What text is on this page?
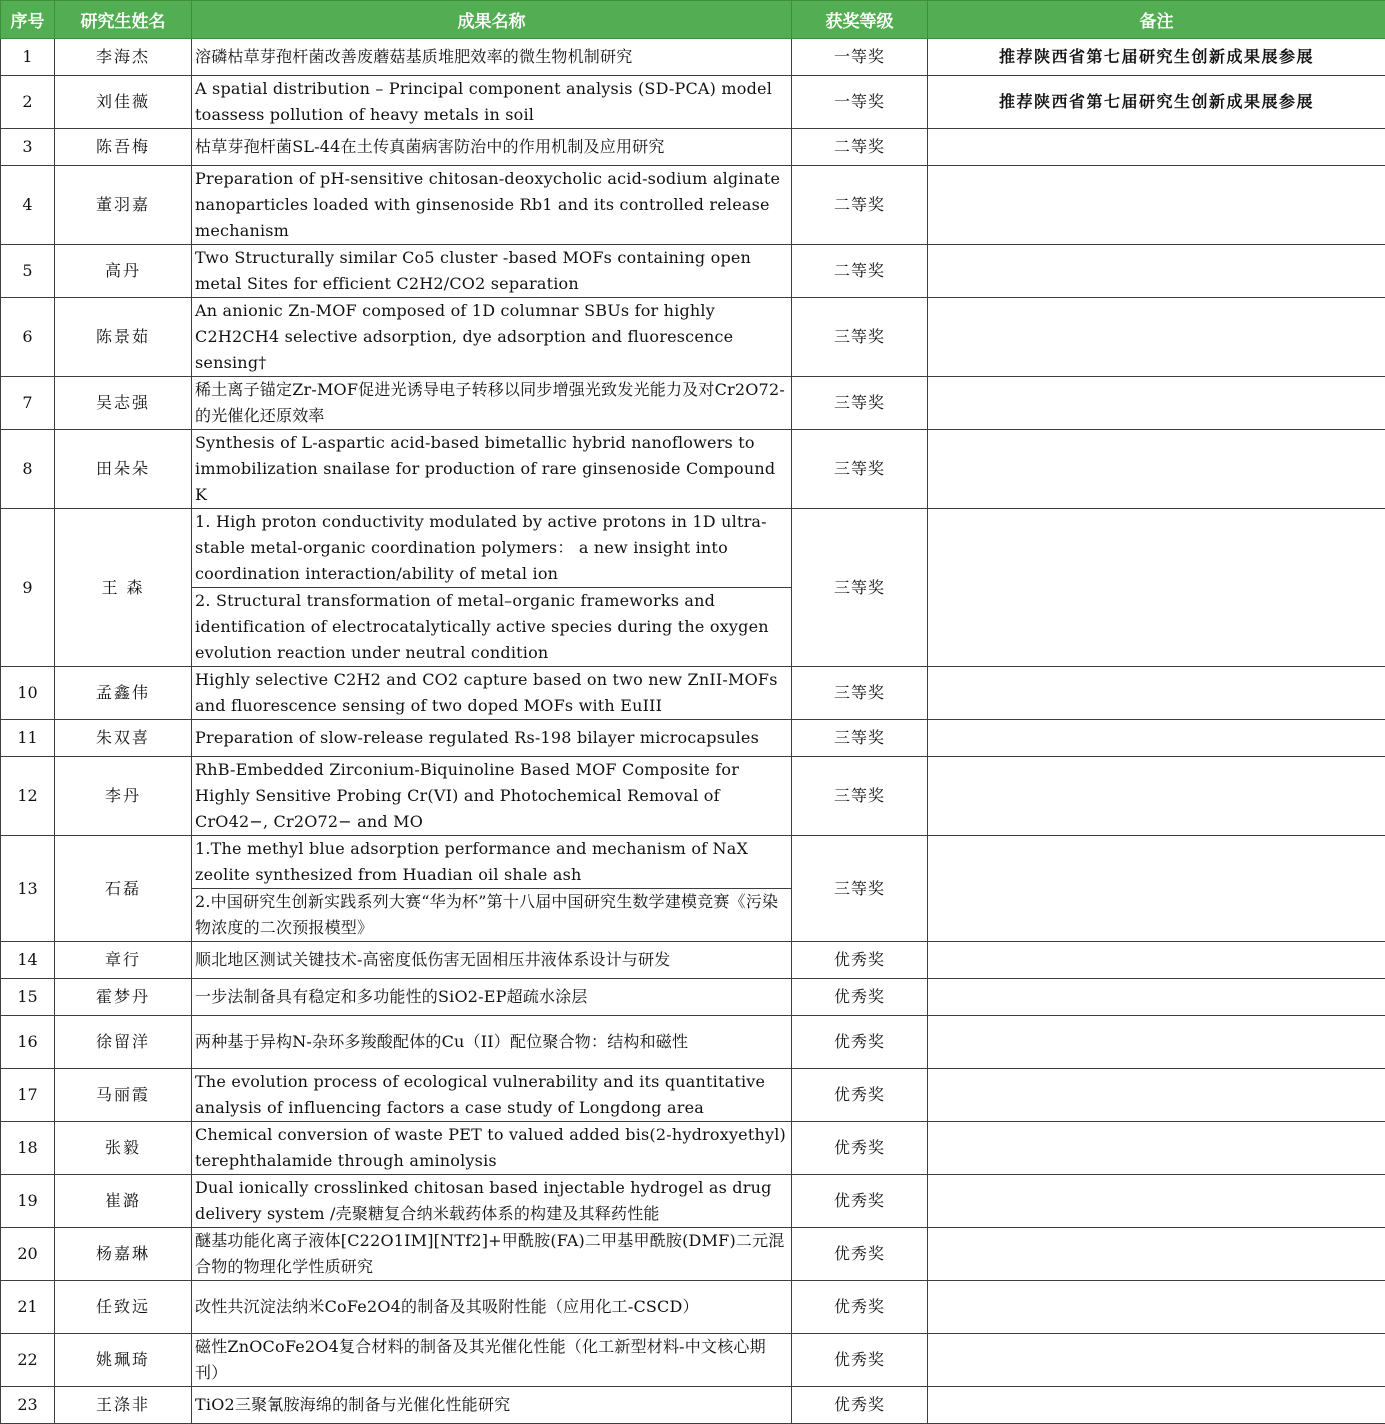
序号	研究生姓名	成果名称	获奖等级	备注
1	李海杰	溶磷枯草芽孢杆菌改善废蘑菇基质堆肥效率的微生物机制研究	一等奖	推荐陕西省第七届研究生创新成果展参展
2	刘佳薇	A spatial distribution – Principal component analysis (SD-PCA) model toassess pollution of heavy metals in soil	一等奖	推荐陕西省第七届研究生创新成果展参展
3	陈吾梅	枯草芽孢杆菌SL-44在土传真菌病害防治中的作用机制及应用研究	二等奖	
4	董羽嘉	Preparation of pH-sensitive chitosan-deoxycholic acid-sodium alginate nanoparticles loaded with ginsenoside Rb1 and its controlled release mechanism	二等奖	
5	高丹	Two Structurally similar Co5 cluster -based MOFs containing open metal Sites for efficient C2H2/CO2 separation	二等奖	
6	陈景茹	An anionic Zn-MOF composed of 1D columnar SBUs for highly C2H2CH4 selective adsorption, dye adsorption and fluorescence sensing†	三等奖	
7	吴志强	稀土离子锚定Zr-MOF促进光诱导电子转移以同步增强光致发光能力及对Cr2O72-的光催化还原效率	三等奖	
8	田朵朵	Synthesis of L-aspartic acid-based bimetallic hybrid nanoflowers to immobilization snailase for production of rare ginsenoside Compound K	三等奖	
9	王 森	1. High proton conductivity modulated by active protons in 1D ultra-stable metal-organic coordination polymers： a new insight into coordination interaction/ability of metal ion	三等奖	
		2. Structural transformation of metal–organic frameworks and identification of electrocatalytically active species during the oxygen evolution reaction under neutral condition		
10	孟鑫伟	Highly selective C2H2 and CO2 capture based on two new ZnII-MOFs and fluorescence sensing of two doped MOFs with EuIII	三等奖	
11	朱双喜	Preparation of slow-release regulated Rs-198 bilayer microcapsules	三等奖	
12	李丹	RhB-Embedded Zirconium-Biquinoline Based MOF Composite for Highly Sensitive Probing Cr(VI) and Photochemical Removal of CrO42−, Cr2O72− and MO	三等奖	
13	石磊	1.The methyl blue adsorption performance and mechanism of NaX zeolite synthesized from Huadian oil shale ash	三等奖	
		2.中国研究生创新实践系列大赛“华为杯”第十八届中国研究生数学建模竞赛《污染物浓度的二次预报模型》		
14	章行	顺北地区测试关键技术-高密度低伤害无固相压井液体系设计与研发	优秀奖	
15	霍梦丹	一步法制备具有稳定和多功能性的SiO2-EP超疏水涂层	优秀奖	
16	徐留洋	两种基于异构N-杂环多羧酸配体的Cu（II）配位聚合物：结构和磁性	优秀奖	
17	马丽霞	The evolution process of ecological vulnerability and its quantitative analysis of influencing factors a case study of Longdong area	优秀奖	
18	张毅	Chemical conversion of waste PET to valued added bis(2-hydroxyethyl) terephthalamide through aminolysis	优秀奖	
19	崔潞	Dual ionically crosslinked chitosan based injectable hydrogel as drug delivery system /壳聚糖复合纳米载药体系的构建及其释药性能	优秀奖	
20	杨嘉琳	醚基功能化离子液体[C22O1IM][NTf2]+甲酰胺(FA)二甲基甲酰胺(DMF)二元混合物的物理化学性质研究	优秀奖	
21	任致远	改性共沉淀法纳米CoFe2O4的制备及其吸附性能（应用化工-CSCD）	优秀奖	
22	姚珮琦	磁性ZnOCoFe2O4复合材料的制备及其光催化性能（化工新型材料-中文核心期刊）	优秀奖	
23	王涤非	TiO2三聚氰胺海绵的制备与光催化性能研究	优秀奖	
